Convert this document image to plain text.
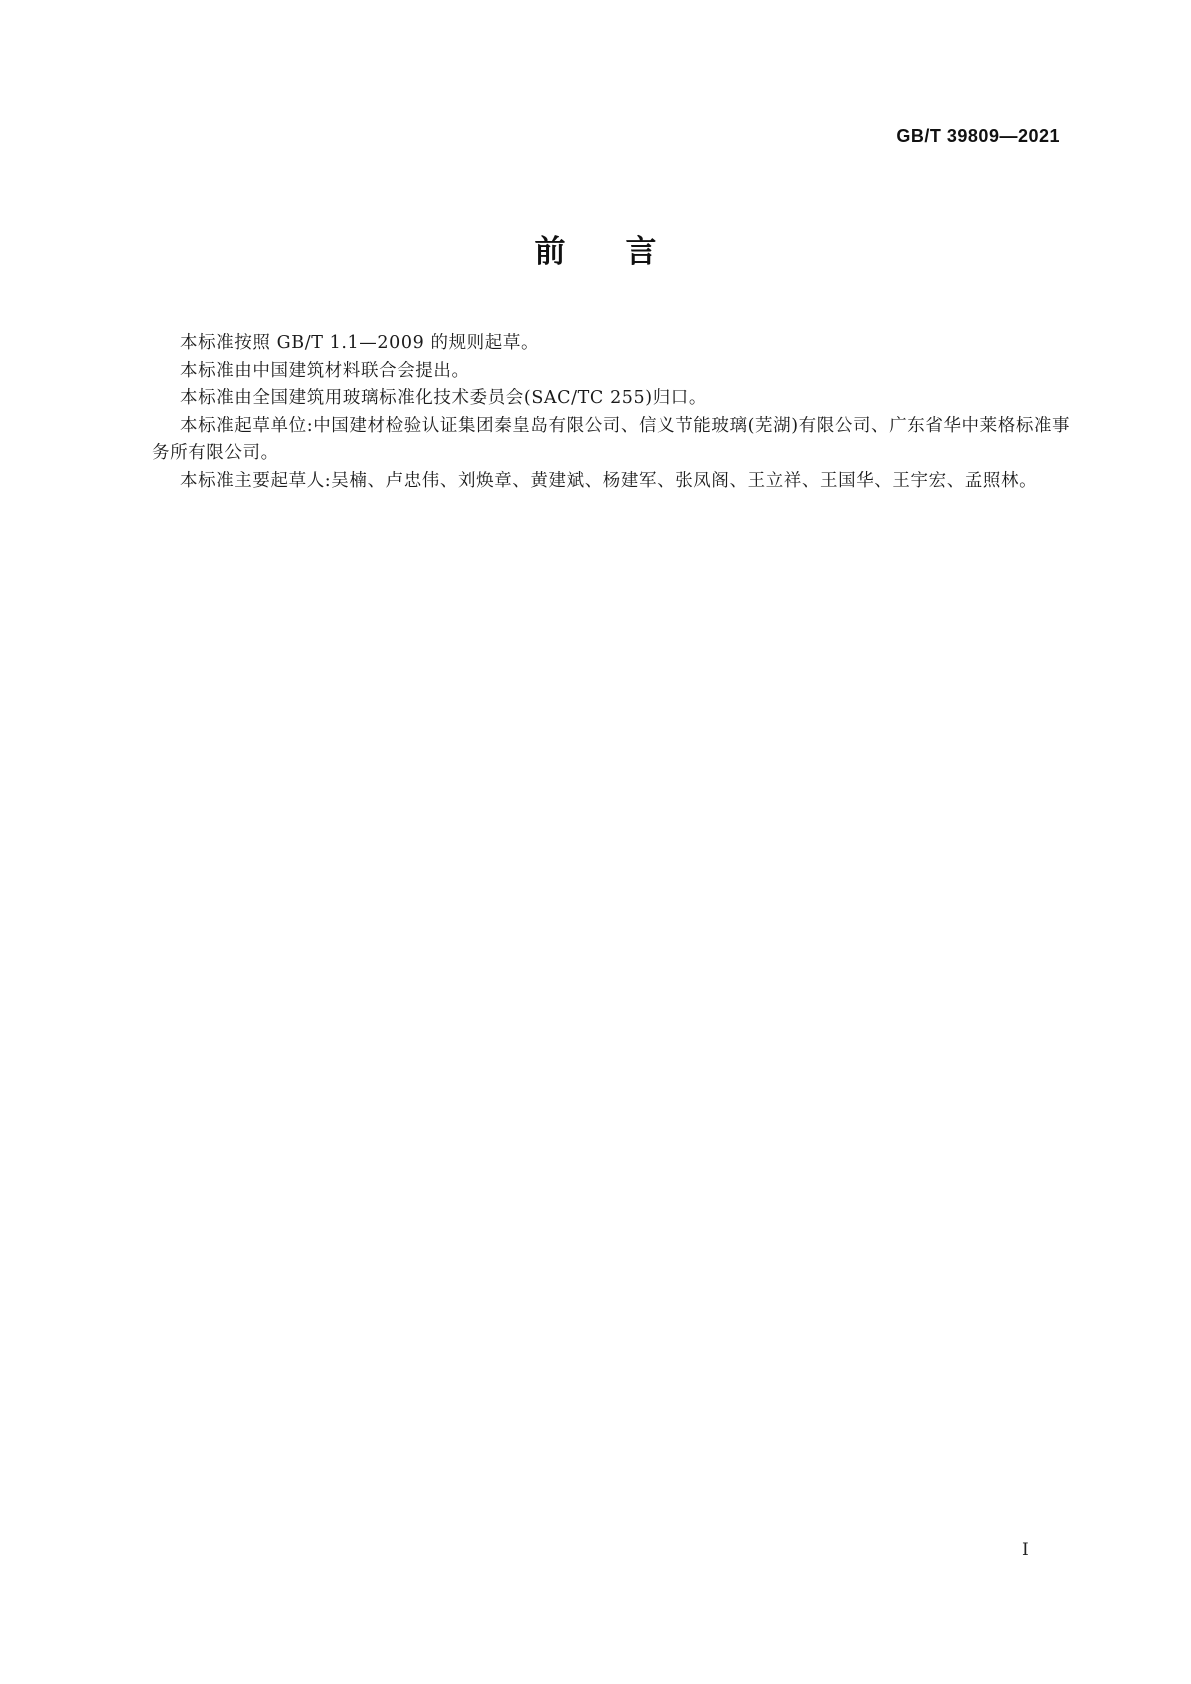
GB/T 39809—2021
前言

本标准按照 GB/T 1.1—2009 的规则起草。

本标准由中国建筑材料联合会提出。

本标准由全国建筑用玻璃标准化技术委员会(SAC/TC 255)归口。

本标准起草单位:中国建材检验认证集团秦皇岛有限公司、信义节能玻璃(芜湖)有限公司、广东省华中莱格标准事务所有限公司。

本标准主要起草人:吴楠、卢忠伟、刘焕章、黄建斌、杨建军、张凤阁、王立祥、王国华、王宇宏、孟照林。

I
